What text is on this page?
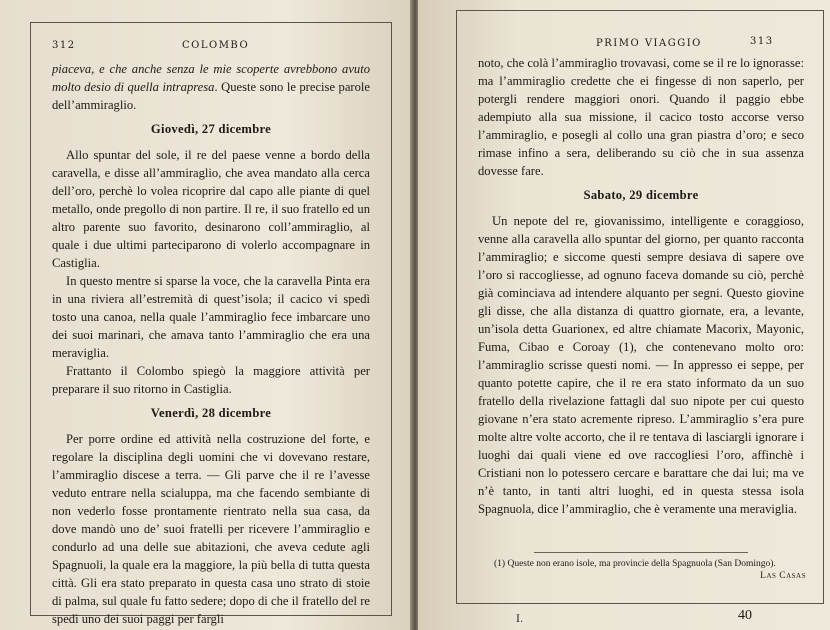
312	COLOMBO

piaceva, e che anche senza le mie scoperte avrebbono avuto molto desio di quella intrapresa. Queste sono le precise parole dell’ammiragliо.

Giovedì, 27 dicembre

Allo spuntar del sole, il re del paese venne a bordo della caravella, e disse all’ammiraglio, che avea mandato alla cerca dell’oro, perchè lo volea ricoprire dal capo alle piante di quel metallo, onde pregollo di non partire. Il re, il suo fratello ed un altro parente suo favorito, desinarono coll’ammiraglio, al quale i due ultimi parteciparono di volerlo accompagnare in Castiglia.

In questo mentre si sparse la voce, che la caravella Pinta era in una riviera all’estremità di quest’isola; il cacico vi spedì tosto una canoa, nella quale l’ammiraglio fece imbarcare uno dei suoi marinari, che amava tanto l’ammiraglio che era una meraviglia.

Frattanto il Colombo spiegò la maggiore attività per preparare il suo ritorno in Castiglia.

Venerdì, 28 dicembre

Per porre ordine ed attività nella costruzione del forte, e regolare la disciplina degli uomini che vi dovevano restare, l’ammiraglio discese a terra. — Gli parve che il re l’avesse veduto entrare nella scialuppa, ma che facendo sembiante di non vederlo fosse prontamente rientrato nella sua casa, da dove mandò uno de’ suoi fratelli per ricevere l’ammiraglio e condurlo ad una delle sue abitazioni, che aveva cedute agli Spagnuoli, la quale era la maggiore, la più bella di tutta questa città. Gli era stato preparato in questa casa uno strato di stoie di palma, sul quale fu fatto sedere; dopo di che il fratello del re spedì uno dei suoi paggi per fargli

PRIMO VIAGGIO	313

noto, che colà l’ammiraglio trovavasi, come se il re lo ignorasse: ma l’ammiraglio credette che ei fingesse di non saperlo, per potergli rendere maggiori onori. Quando il paggio ebbe adempiuto alla sua missione, il cacico tosto accorse verso l’ammiraglio, e posegli al collo una gran piastra d’oro; e seco rimase infino a sera, deliberando su ciò che in sua assenza dovesse fare.

Sabato, 29 dicembre

Un nepote del re, giovanissimo, intelligente e coraggioso, venne alla caravella allo spuntar del giorno, per quanto racconta l’ammiraglio; e siccome questi sempre desiava di sapere ove l’oro si raccogliesse, ad ognuno faceva domande su ciò, perchè già cominciava ad intendere alquanto per segni. Questo giovine gli disse, che alla distanza di quattro giornate, era, a levante, un’isola detta Guarionex, ed altre chiamate Macorix, Mayonic, Fuma, Cibao e Coroay (1), che contenevano molto oro: l’ammiraglio scrisse questi nomi. — In appresso ei seppe, per quanto potette capire, che il re era stato informato da un suo fratello della rivelazione fattagli dal suo nipote per cui questo giovane n’era stato acremente ripreso. L’ammiraglio s’era pure molte altre volte accorto, che il re tentava di lasciargli ignorare i luoghi dai quali viene ed ove raccogliesi l’oro, affinchè i Cristiani non lo potessero cercare e barattare che dai lui; ma ve n’è tanto, in tanti altri luoghi, ed in questa stessa isola Spagnuola, dice l’ammiraglio, che è veramente una meraviglia.

(1) Queste non erano isole, ma provincie della Spagnuola (San Domingo).
Las Casas
I.	40
